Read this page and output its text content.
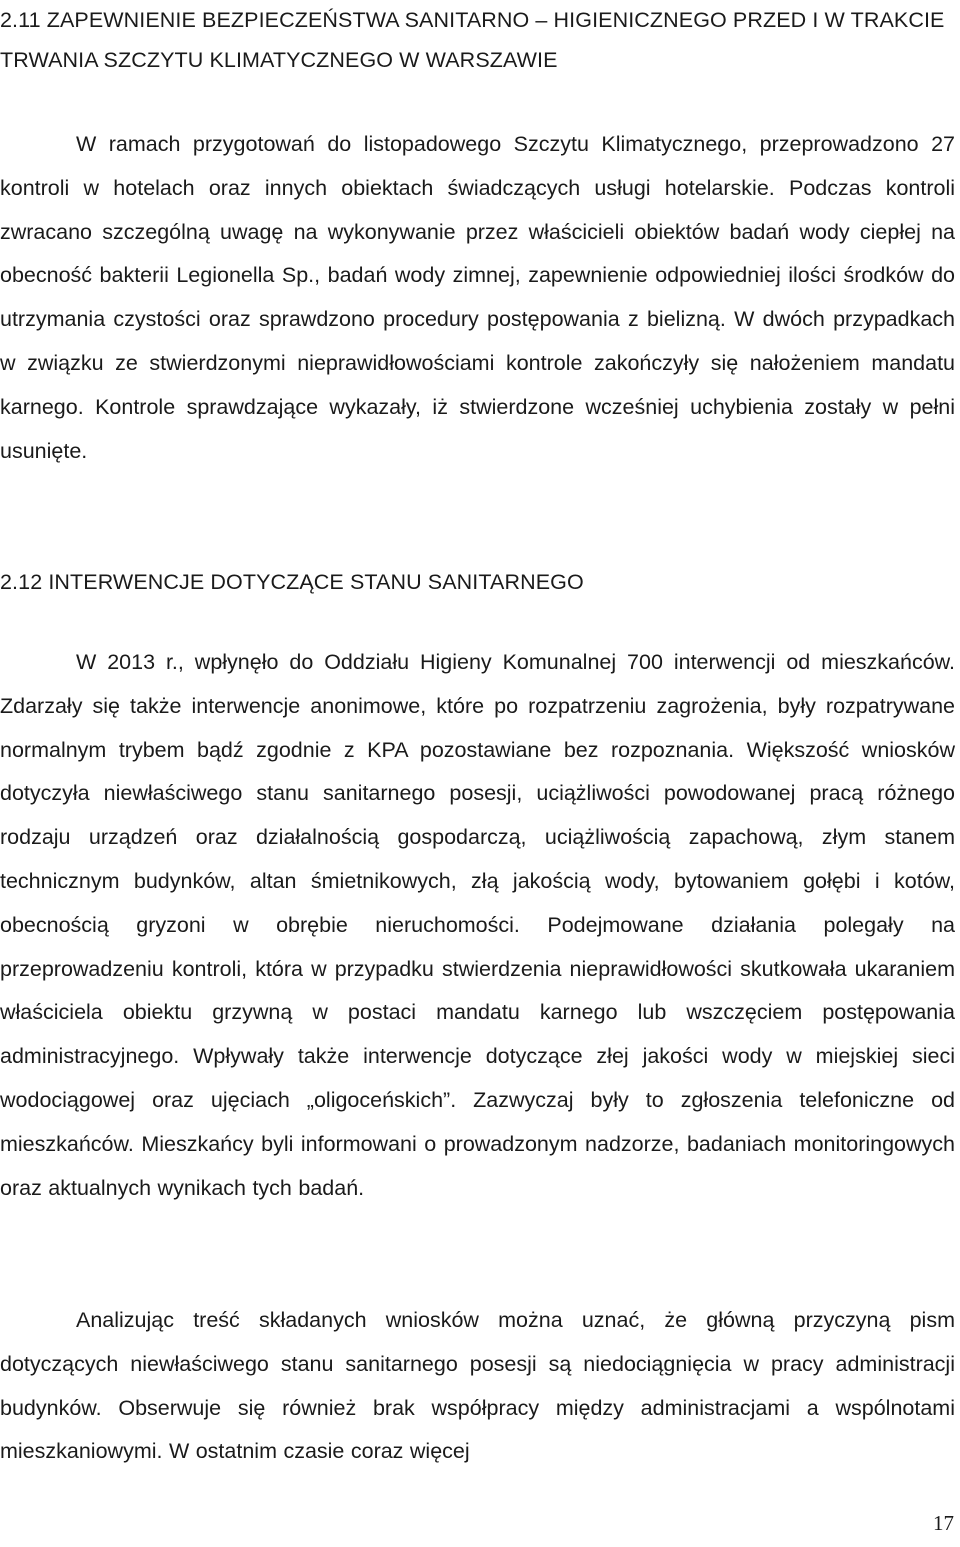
2.11 ZAPEWNIENIE BEZPIECZEŃSTWA SANITARNO – HIGIENICZNEGO PRZED I W TRAKCIE TRWANIA SZCZYTU KLIMATYCZNEGO W WARSZAWIE

W ramach przygotowań do listopadowego Szczytu Klimatycznego, przeprowadzono 27 kontroli w hotelach oraz innych obiektach świadczących usługi hotelarskie. Podczas kontroli zwracano szczególną uwagę na wykonywanie przez właścicieli obiektów badań wody ciepłej na obecność bakterii Legionella Sp., badań wody zimnej, zapewnienie odpowiedniej ilości środków do utrzymania czystości oraz sprawdzono procedury postępowania z bielizną. W dwóch przypadkach w związku ze stwierdzonymi nieprawidłowościami kontrole zakończyły się nałożeniem mandatu karnego. Kontrole sprawdzające wykazały, iż stwierdzone wcześniej uchybienia zostały w pełni usunięte.

2.12 INTERWENCJE DOTYCZĄCE STANU SANITARNEGO

W 2013 r., wpłynęło do Oddziału Higieny Komunalnej 700 interwencji od mieszkańców. Zdarzały się także interwencje anonimowe, które po rozpatrzeniu zagrożenia, były rozpatrywane normalnym trybem bądź zgodnie z KPA pozostawiane bez rozpoznania. Większość wniosków dotyczyła niewłaściwego stanu sanitarnego posesji, uciążliwości powodowanej pracą różnego rodzaju urządzeń oraz działalnością gospodarczą, uciążliwością zapachową, złym stanem technicznym budynków, altan śmietnikowych, złą jakością wody, bytowaniem gołębi i kotów, obecnością gryzoni w obrębie nieruchomości. Podejmowane działania polegały na przeprowadzeniu kontroli, która w przypadku stwierdzenia nieprawidłowości skutkowała ukaraniem właściciela obiektu grzywną w postaci mandatu karnego lub wszczęciem postępowania administracyjnego. Wpływały także interwencje dotyczące złej jakości wody w miejskiej sieci wodociągowej oraz ujęciach „oligoceńskich”. Zazwyczaj były to zgłoszenia telefoniczne od mieszkańców. Mieszkańcy byli informowani o prowadzonym nadzorze, badaniach monitoringowych oraz aktualnych wynikach tych badań.

Analizując treść składanych wniosków można uznać, że główną przyczyną pism dotyczących niewłaściwego stanu sanitarnego posesji są niedociągnięcia w pracy administracji budynków. Obserwuje się również brak współpracy między administracjami a wspólnotami mieszkaniowymi. W ostatnim czasie coraz więcej

17
